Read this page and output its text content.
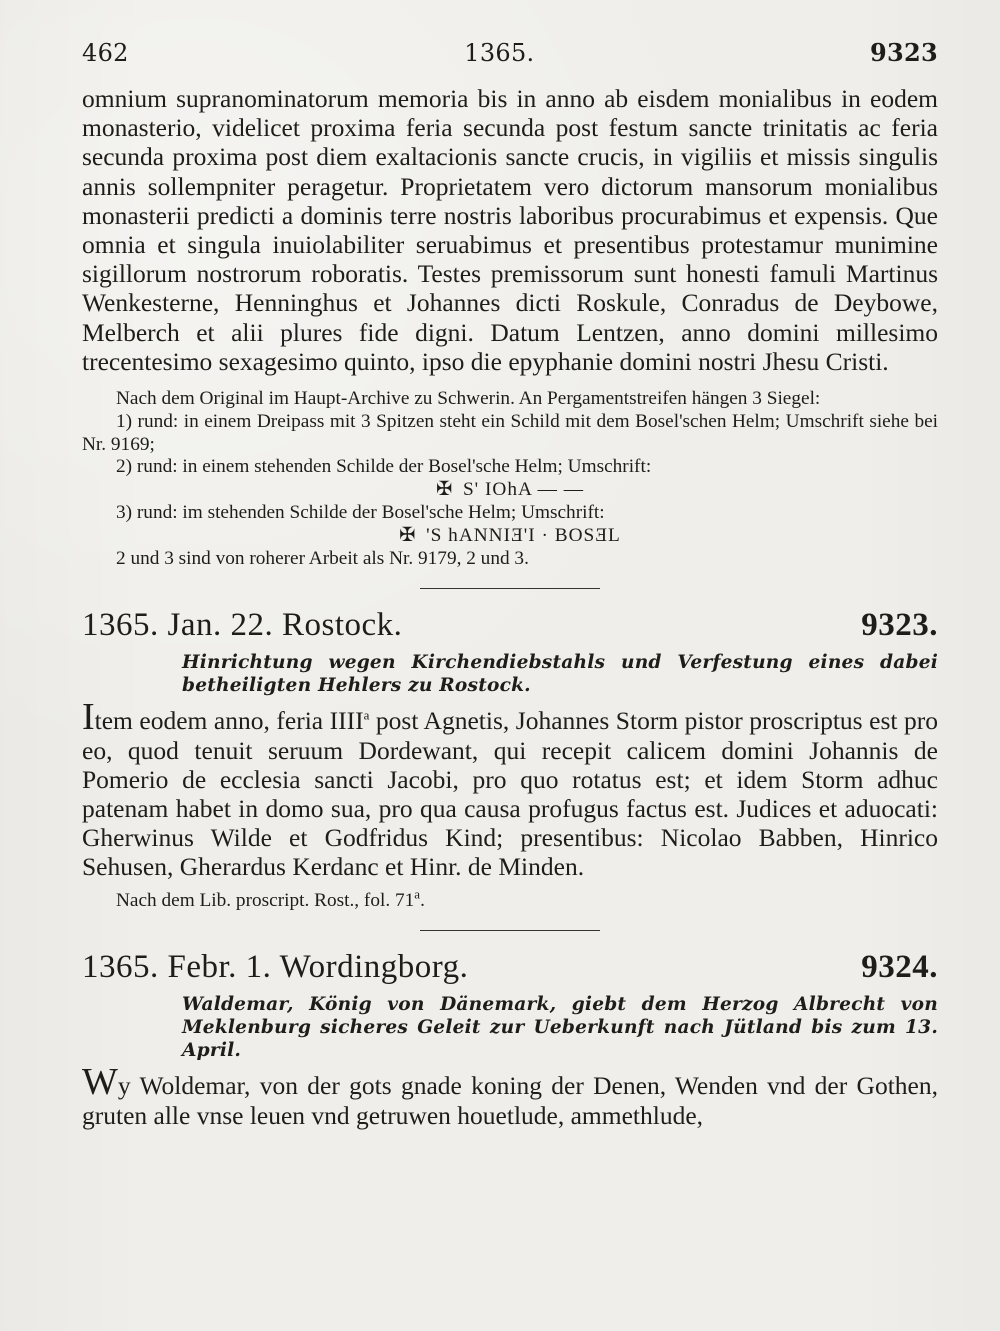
462	1365.	9323

omnium supranominatorum memoria bis in anno ab eisdem monialibus in eodem monasterio, videlicet proxima feria secunda post festum sancte trinitatis ac feria secunda proxima post diem exaltacionis sancte crucis, in vigiliis et missis singulis annis sollempniter peragetur. Proprietatem vero dictorum mansorum monialibus monasterii predicti a dominis terre nostris laboribus procurabimus et expensis. Que omnia et singula inuiolabiliter seruabimus et presentibus protestamur munimine sigillorum nostrorum roboratis. Testes premissorum sunt honesti famuli Martinus Wenkesterne, Henninghus et Johannes dicti Roskule, Conradus de Deybowe, Melberch et alii plures fide digni. Datum Lentzen, anno domini millesimo trecentesimo sexagesimo quinto, ipso die epyphanie domini nostri Jhesu Cristi.

Nach dem Original im Haupt-Archive zu Schwerin. An Pergamentstreifen hängen 3 Siegel:

1) rund: in einem Dreipass mit 3 Spitzen steht ein Schild mit dem Bosel'schen Helm; Umschrift siehe bei Nr. 9169;

2) rund: in einem stehenden Schilde der Bosel'sche Helm; Umschrift:

✠ S' IOhA — —

3) rund: im stehenden Schilde der Bosel'sche Helm; Umschrift:

✠ 'S hANNIƎ'I · BOSƎL

2 und 3 sind von roherer Arbeit als Nr. 9179, 2 und 3.

1365. Jan. 22. Rostock.	9323.
Hinrichtung wegen Kirchendiebstahls und Verfestung eines dabei betheiligten Hehlers zu Rostock.

Item eodem anno, feria IIII$^a$ post Agnetis, Johannes Storm pistor proscriptus est pro eo, quod tenuit seruum Dordewant, qui recepit calicem domini Johannis de Pomerio de ecclesia sancti Jacobi, pro quo rotatus est; et idem Storm adhuc patenam habet in domo sua, pro qua causa profugus factus est. Judices et aduocati: Gherwinus Wilde et Godfridus Kind; presentibus: Nicolao Babben, Hinrico Sehusen, Gherardus Kerdanc et Hinr. de Minden.

Nach dem Lib. proscript. Rost., fol. 71$^a$.

1365. Febr. 1. Wordingborg.	9324.
Waldemar, König von Dänemark, giebt dem Herzog Albrecht von Meklenburg sicheres Geleit zur Ueberkunft nach Jütland bis zum 13. April.

Wy Woldemar, von der gots gnade koning der Denen, Wenden vnd der Gothen, gruten alle vnse leuen vnd getruwen houetlude, ammethlude,
